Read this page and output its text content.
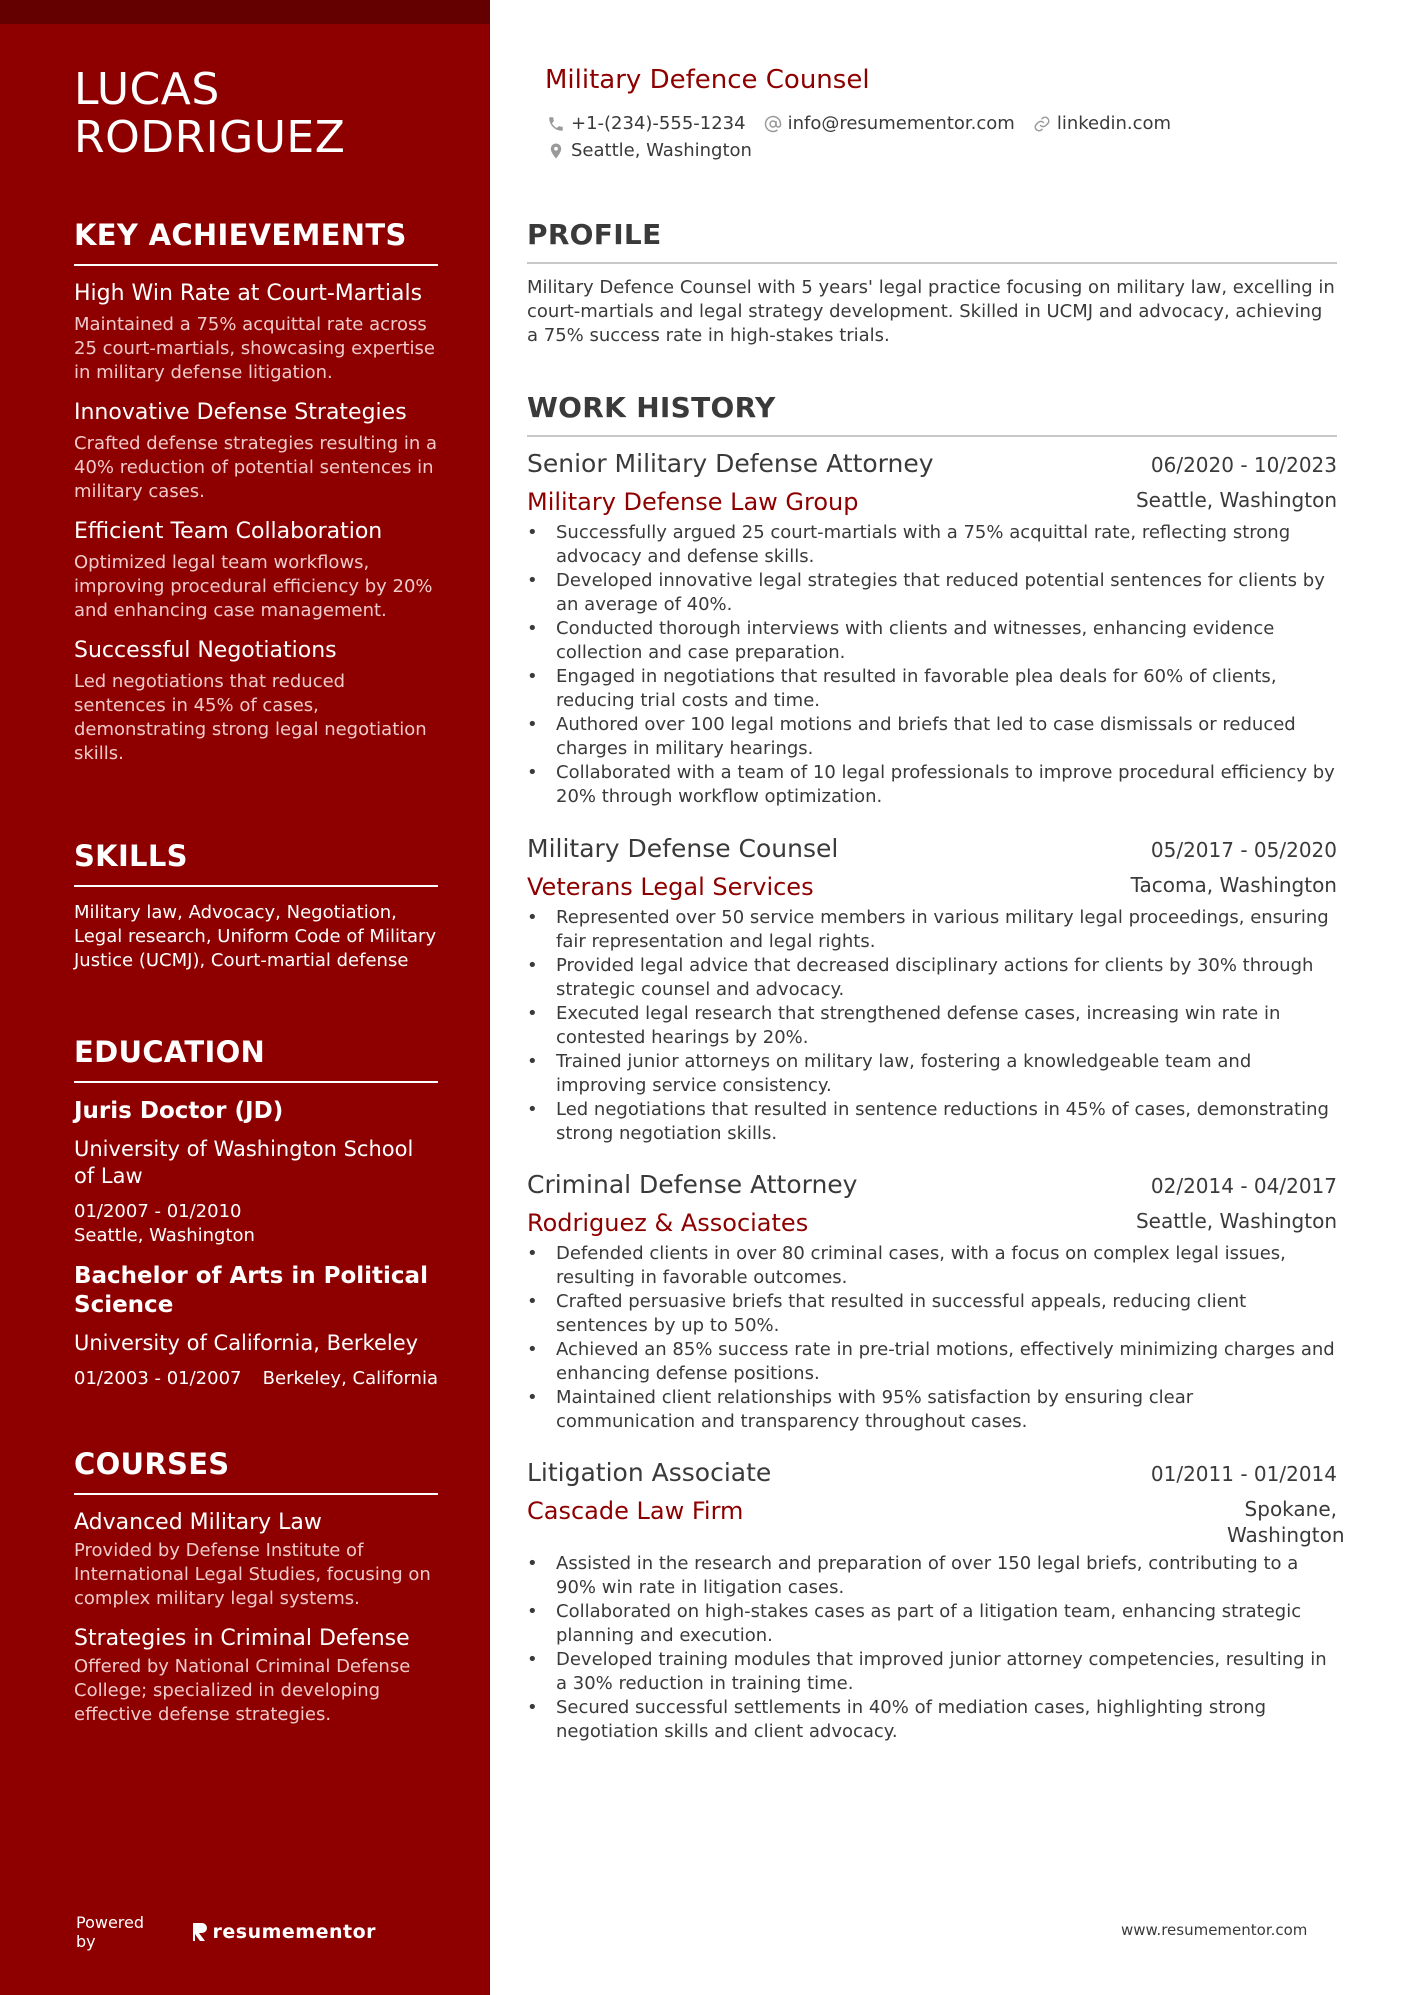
LUCAS RODRIGUEZ
KEY ACHIEVEMENTS
High Win Rate at Court-Martials
Maintained a 75% acquittal rate across 25 court-martials, showcasing expertise in military defense litigation.
Innovative Defense Strategies
Crafted defense strategies resulting in a 40% reduction of potential sentences in military cases.
Efficient Team Collaboration
Optimized legal team workflows, improving procedural efficiency by 20% and enhancing case management.
Successful Negotiations
Led negotiations that reduced sentences in 45% of cases, demonstrating strong legal negotiation skills.
SKILLS
Military law, Advocacy, Negotiation, Legal research, Uniform Code of Military Justice (UCMJ), Court-martial defense
EDUCATION
Juris Doctor (JD)
University of Washington School of Law
01/2007 - 01/2010
Seattle, Washington
Bachelor of Arts in Political Science
University of California, Berkeley
01/2003 - 01/2007 Berkeley, California
COURSES
Advanced Military Law
Provided by Defense Institute of International Legal Studies, focusing on complex military legal systems.
Strategies in Criminal Defense
Offered by National Criminal Defense College; specialized in developing effective defense strategies.
Powered by	resumementor
Military Defence Counsel
+1-(234)-555-1234 info@resumementor.com linkedin.com
Seattle, Washington
PROFILE

Military Defence Counsel with 5 years' legal practice focusing on military law, excelling in court-martials and legal strategy development. Skilled in UCMJ and advocacy, achieving a 75% success rate in high-stakes trials.

WORK HISTORY
Senior Military Defense Attorney	06/2020 - 10/2023
Military Defense Law Group	Seattle, Washington
• Successfully argued 25 court-martials with a 75% acquittal rate, reflecting strong advocacy and defense skills.
• Developed innovative legal strategies that reduced potential sentences for clients by an average of 40%.
• Conducted thorough interviews with clients and witnesses, enhancing evidence collection and case preparation.
• Engaged in negotiations that resulted in favorable plea deals for 60% of clients, reducing trial costs and time.
• Authored over 100 legal motions and briefs that led to case dismissals or reduced charges in military hearings.
• Collaborated with a team of 10 legal professionals to improve procedural efficiency by 20% through workflow optimization.
Military Defense Counsel	05/2017 - 05/2020
Veterans Legal Services	Tacoma, Washington
• Represented over 50 service members in various military legal proceedings, ensuring fair representation and legal rights.
• Provided legal advice that decreased disciplinary actions for clients by 30% through strategic counsel and advocacy.
• Executed legal research that strengthened defense cases, increasing win rate in contested hearings by 20%.
• Trained junior attorneys on military law, fostering a knowledgeable team and improving service consistency.
• Led negotiations that resulted in sentence reductions in 45% of cases, demonstrating strong negotiation skills.
Criminal Defense Attorney	02/2014 - 04/2017
Rodriguez & Associates	Seattle, Washington
• Defended clients in over 80 criminal cases, with a focus on complex legal issues, resulting in favorable outcomes.
• Crafted persuasive briefs that resulted in successful appeals, reducing client sentences by up to 50%.
• Achieved an 85% success rate in pre-trial motions, effectively minimizing charges and enhancing defense positions.
• Maintained client relationships with 95% satisfaction by ensuring clear communication and transparency throughout cases.
Litigation Associate	01/2011 - 01/2014
Cascade Law Firm	Spokane, Washington
• Assisted in the research and preparation of over 150 legal briefs, contributing to a 90% win rate in litigation cases.
• Collaborated on high-stakes cases as part of a litigation team, enhancing strategic planning and execution.
• Developed training modules that improved junior attorney competencies, resulting in a 30% reduction in training time.
• Secured successful settlements in 40% of mediation cases, highlighting strong negotiation skills and client advocacy.
www.resumementor.com
